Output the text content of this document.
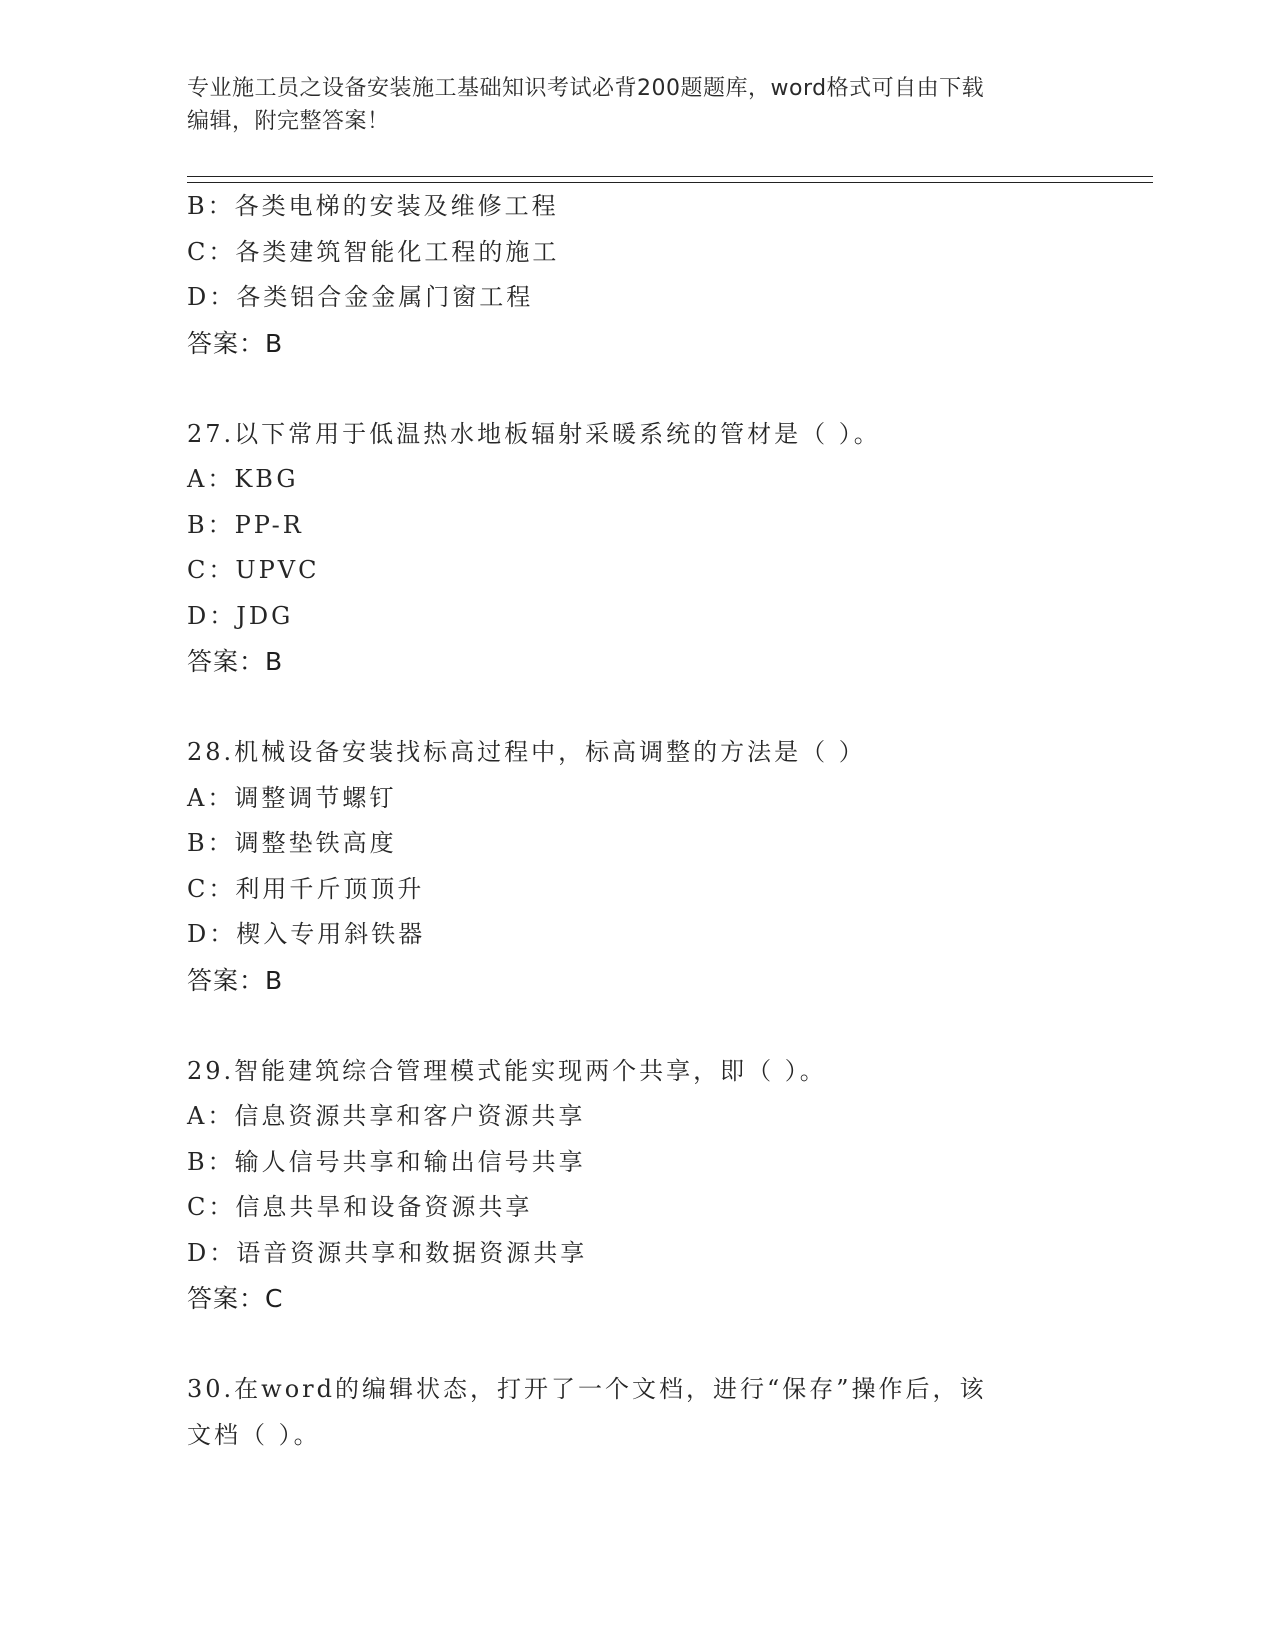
专业施工员之设备安装施工基础知识考试必背200题题库，word格式可自由下载
编辑，附完整答案！
B：各类电梯的安装及维修工程
C：各类建筑智能化工程的施工
D：各类铝合金金属门窗工程
答案：B
27.以下常用于低温热水地板辐射采暖系统的管材是（ ）。
A：KBG
B：PP-R
C：UPVC
D：JDG
答案：B
28.机械设备安装找标高过程中，标高调整的方法是（ ）
A：调整调节螺钉
B：调整垫铁高度
C：利用千斤顶顶升
D：楔入专用斜铁器
答案：B
29.智能建筑综合管理模式能实现两个共享，即（ ）。
A：信息资源共享和客户资源共享
B：输人信号共享和输出信号共享
C：信息共旱和设备资源共享
D：语音资源共享和数据资源共享
答案：C
30.在word的编辑状态，打开了一个文档，进行“保存”操作后，该
文档（ ）。
